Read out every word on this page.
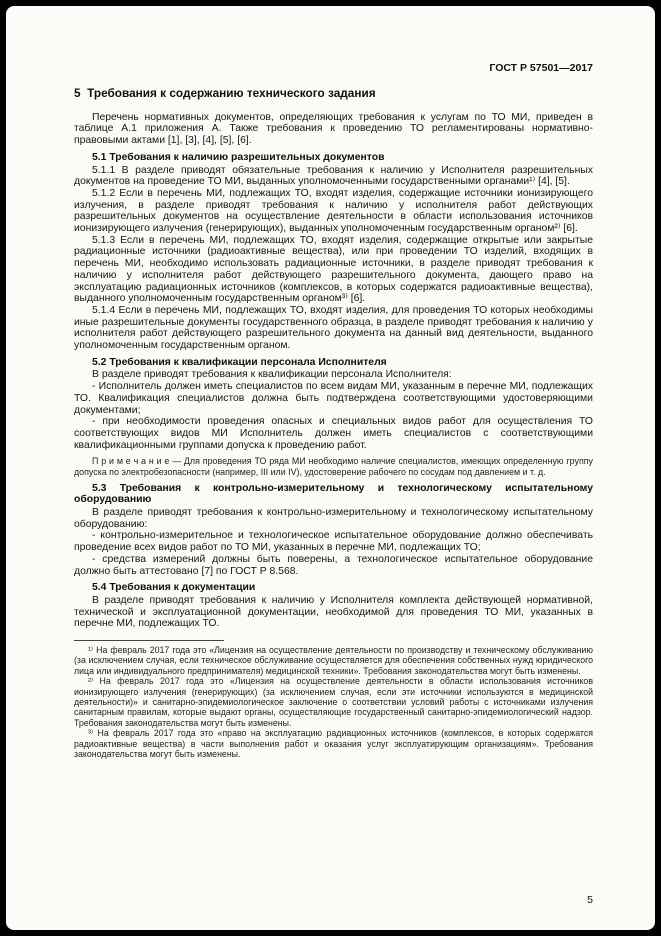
ГОСТ Р 57501—2017
5  Требования к содержанию технического задания

Перечень нормативных документов, определяющих требования к услугам по ТО МИ, приведен в таблице А.1 приложения А. Также требования к проведению ТО регламентированы нормативно-правовыми актами [1], [3], [4], [5], [6].

5.1 Требования к наличию разрешительных документов

5.1.1 В разделе приводят обязательные требования к наличию у Исполнителя разрешительных документов на проведение ТО МИ, выданных уполномоченными государственными органами¹⁾ [4], [5].

5.1.2 Если в перечень МИ, подлежащих ТО, входят изделия, содержащие источники ионизирующего излучения, в разделе приводят требования к наличию у исполнителя работ действующих разрешительных документов на осуществление деятельности в области использования источников ионизирующего излучения (генерирующих), выданных уполномоченным государственным органом²⁾ [6].

5.1.3 Если в перечень МИ, подлежащих ТО, входят изделия, содержащие открытые или закрытые радиационные источники (радиоактивные вещества), или при проведении ТО изделий, входящих в перечень МИ, необходимо использовать радиационные источники, в разделе приводят требования к наличию у исполнителя работ действующего разрешительного документа, дающего право на эксплуатацию радиационных источников (комплексов, в которых содержатся радиоактивные вещества), выданного уполномоченным государственным органом³⁾ [6].

5.1.4 Если в перечень МИ, подлежащих ТО, входят изделия, для проведения ТО которых необходимы иные разрешительные документы государственного образца, в разделе приводят требования к наличию у исполнителя работ действующего разрешительного документа на данный вид деятельности, выданного уполномоченным государственным органом.

5.2 Требования к квалификации персонала Исполнителя

В разделе приводят требования к квалификации персонала Исполнителя:

- Исполнитель должен иметь специалистов по всем видам МИ, указанным в перечне МИ, подлежащих ТО. Квалификация специалистов должна быть подтверждена соответствующими удостоверяющими документами;

- при необходимости проведения опасных и специальных видов работ для осуществления ТО соответствующих видов МИ Исполнитель должен иметь специалистов с соответствующими квалификационными группами допуска к проведению работ.

П р и м е ч а н и е — Для проведения ТО ряда МИ необходимо наличие специалистов, имеющих определенную группу допуска по электробезопасности (например, III или IV), удостоверение рабочего по сосудам под давлением и т. д.

5.3 Требования к контрольно-измерительному и технологическому испытательному оборудованию

В разделе приводят требования к контрольно-измерительному и технологическому испытательному оборудованию:

- контрольно-измерительное и технологическое испытательное оборудование должно обеспечивать проведение всех видов работ по ТО МИ, указанных в перечне МИ, подлежащих ТО;

- средства измерений должны быть поверены, а технологическое испытательное оборудование должно быть аттестовано [7] по ГОСТ Р 8.568.

5.4 Требования к документации

В разделе приводят требования к наличию у Исполнителя комплекта действующей нормативной, технической и эксплуатационной документации, необходимой для проведения ТО МИ, указанных в перечне МИ, подлежащих ТО.

¹⁾ На февраль 2017 года это «Лицензия на осуществление деятельности по производству и техническому обслуживанию (за исключением случая, если техническое обслуживание осуществляется для обеспечения собственных нужд юридического лица или индивидуального предпринимателя) медицинской техники». Требования законодательства могут быть изменены.

²⁾ На февраль 2017 года это «Лицензия на осуществление деятельности в области использования источников ионизирующего излучения (генерирующих) (за исключением случая, если эти источники используются в медицинской деятельности)» и санитарно-эпидемиологическое заключение о соответствии условий работы с источниками излучения санитарным правилам, которые выдают органы, осуществляющие государственный санитарно-эпидемиологический надзор. Требования законодательства могут быть изменены.

³⁾ На февраль 2017 года это «право на эксплуатацию радиационных источников (комплексов, в которых содержатся радиоактивные вещества) в части выполнения работ и оказания услуг эксплуатирующим организациям». Требования законодательства могут быть изменены.

5
